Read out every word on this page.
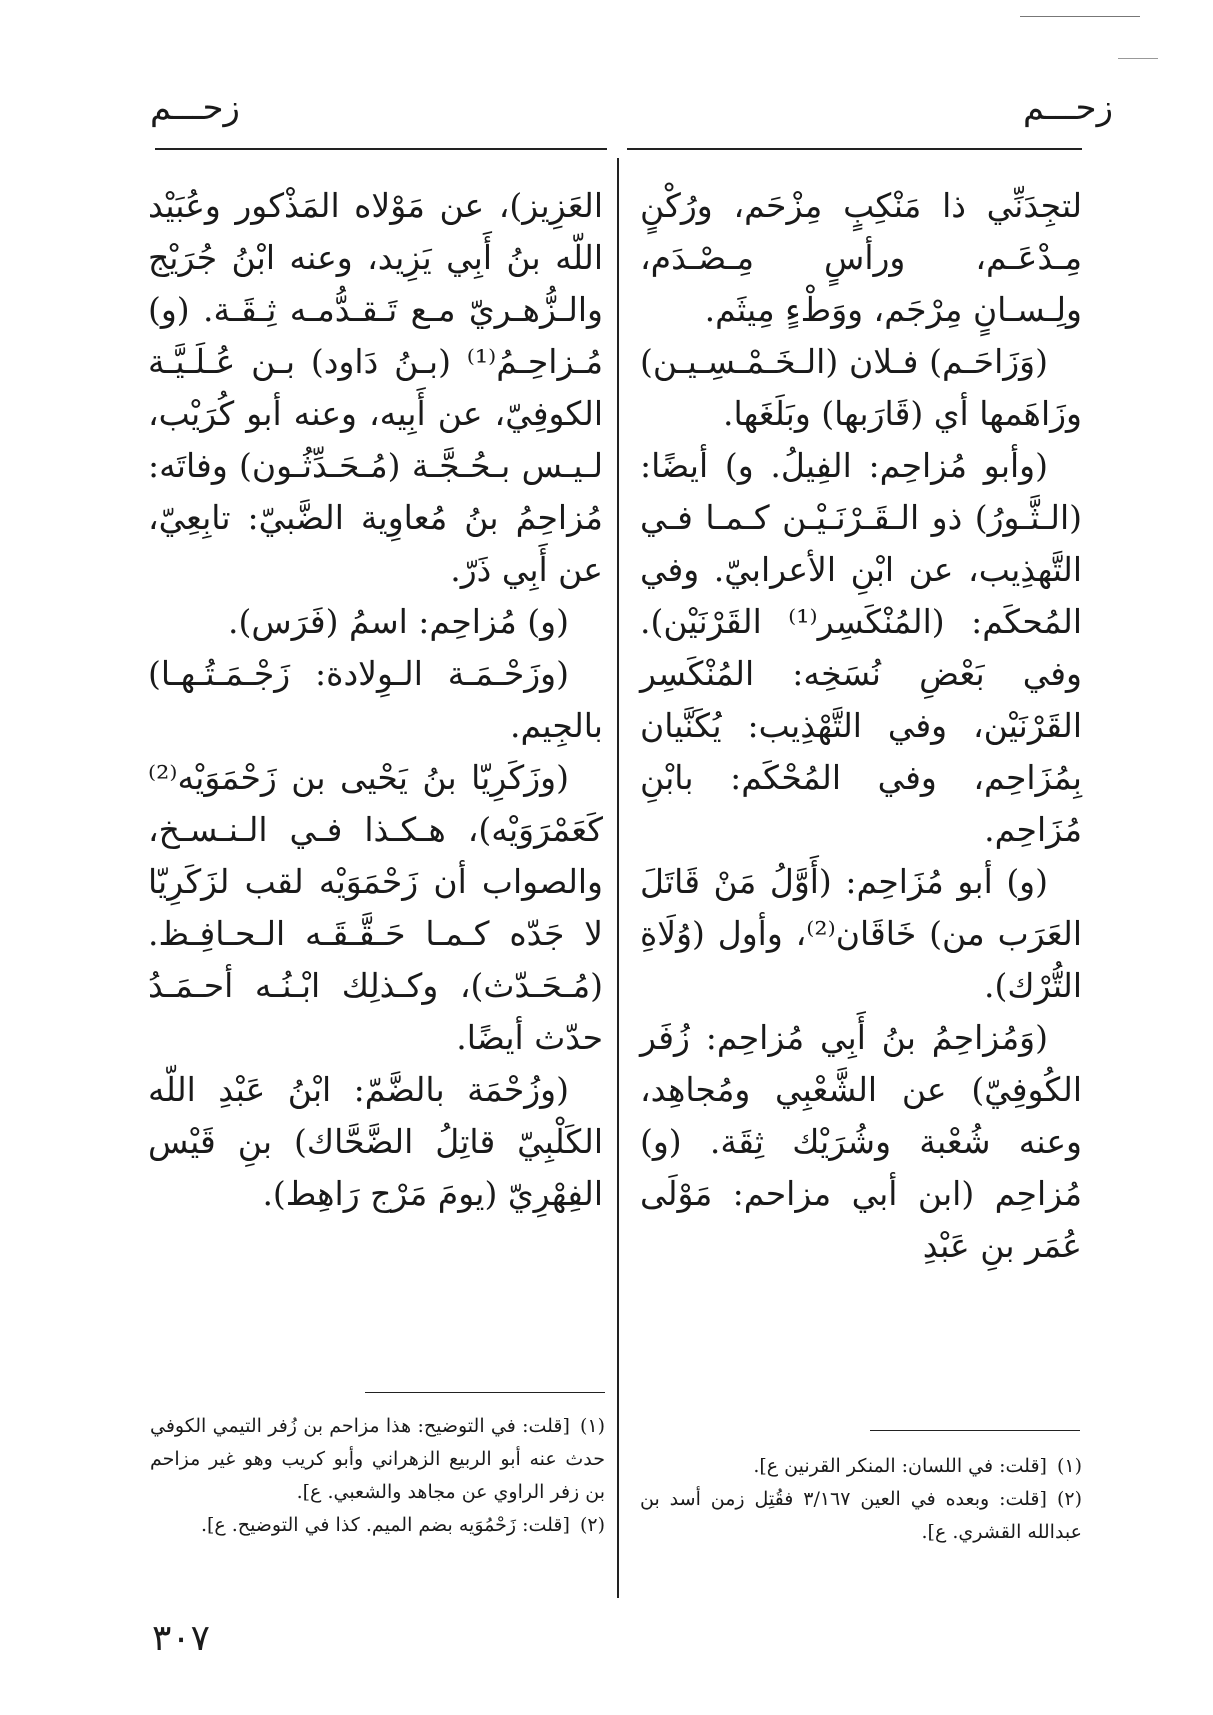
زحـــم
زحـــم

لتجِدَنِّي ذا مَنْكِبٍ مِزْحَم، ورُكْنٍ مِـدْعَـم، ورأسٍ مِـصْـدَم، ولِـسـانٍ مِرْجَم، ووَطْءٍ مِيثَم.

(وَزَاحَـم) فـلان (الـخَـمْـسِـيـن) وزَاهَمها أي (قَارَبها) وبَلَغَها.

(وأبو مُزاحِم: الفِيلُ. و) أيضًا: (الـثَّـورُ) ذو الـقَـرْنَـيْـن كـمـا فـي التَّهذِيب، عن ابْنِ الأعرابيّ. وفي المُحكَم: (المُنْكَسِر⁽¹⁾ القَرْنَيْن). وفي بَعْضِ نُسَخِه: المُنْكَسِر القَرْنَيْن، وفي التَّهْذِيب: يُكَنَّيان بِمُزَاحِم، وفي المُحْكَم: بابْنِ مُزَاحِم.

(و) أبو مُزَاحِم: (أَوَّلُ مَنْ قَاتَلَ العَرَب من) خَاقَان⁽²⁾، وأول (وُلَاةِ التُّرْك).

(وَمُزاحِمُ بنُ أَبِي مُزاحِم: زُفَر الكُوفِيّ) عن الشَّعْبِي ومُجاهِد، وعنه شُعْبة وشُرَيْك ثِقَة. (و) مُزاحِم (ابن أبي مزاحم: مَوْلَى عُمَر بنِ عَبْدِ

العَزِيز)، عن مَوْلاه المَذْكور وعُبَيْد اللّه بنُ أَبِي يَزِيد، وعنه ابْنُ جُرَيْج والـزُّهـريّ مـع تَـقـدُّمـه ثِـقَـة. (و) مُـزاحِـمُ⁽¹⁾ (بـنُ دَاود) بـن عُـلَـيَّـة الكوفِيّ، عن أَبِيه، وعنه أبو كُرَيْب، لـيـس بـحُـجَّـة (مُـحَـدِّثُـون) وفاتَه: مُزاحِمُ بنُ مُعاوِية الضَّبيّ: تابِعِيّ، عن أَبِي ذَرّ.

(و) مُزاحِم: اسمُ (فَرَس).

(وزَحْـمَـة الـوِلادة: زَجْـمَـتُـهـا) بالجِيم.

(وزَكَرِيّا بنُ يَحْيى بن زَحْمَوَيْه⁽²⁾ كَعَمْرَوَيْه)، هـكـذا فـي الـنـسـخ، والصواب أن زَحْمَوَيْه لقب لزَكَرِيّا لا جَدّه كـمـا حَـقَّـقَـه الـحـافِـظ. (مُـحَـدّث)، وكـذلِك ابْـنُـه أحـمَـدُ حدّث أيضًا.

(وزُحْمَة بالضَّمّ: ابْنُ عَبْدِ اللّه الكَلْبِيّ قاتِلُ الضَّحَّاك) بنِ قَيْس الفِهْرِيّ (يومَ مَرْج رَاهِط).

(١)[قلت: في اللسان: المنكر القرنين ع].

(٢)[قلت: وبعده في العين ٣/١٦٧ فقُتِل زمن أسد بن عبدالله القشري. ع].

(١)[قلت: في التوضيح: هذا مزاحم بن زُفر التيمي الكوفي حدث عنه أبو الربيع الزهراني وأبو كريب وهو غير مزاحم بن زفر الراوي عن مجاهد والشعبي. ع].

(٢)[قلت: زَحْمُوَيه بضم الميم. كذا في التوضيح. ع].

٣٠٧
